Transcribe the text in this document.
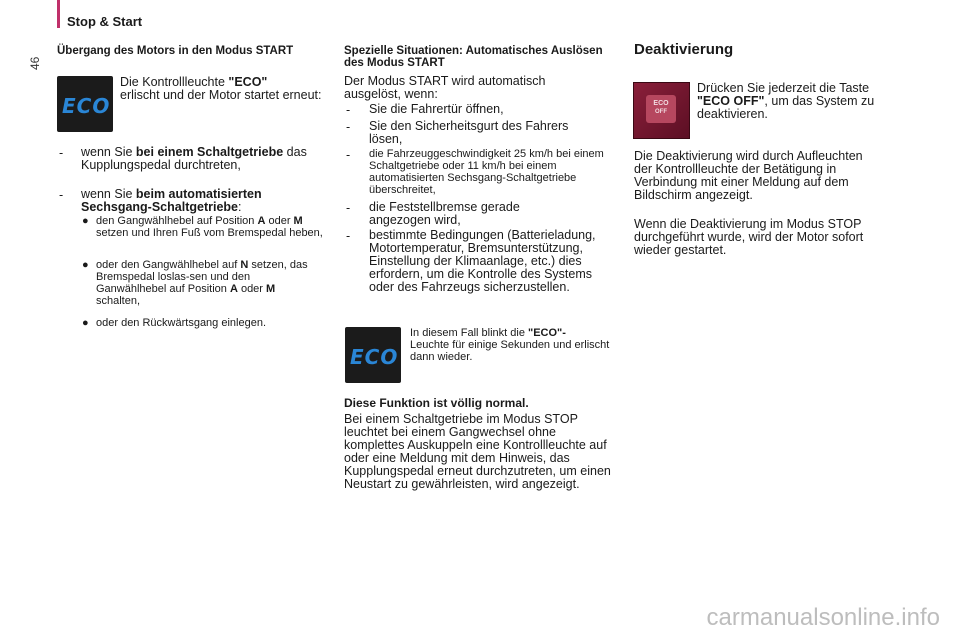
Stop & Start
46
Übergang des Motors in den Modus START
ECO
Die Kontrollleuchte "ECO"
erlischt und der Motor startet erneut:
- wenn Sie bei einem Schaltgetriebe das Kupplungspedal durchtreten,
- wenn Sie beim automatisierten Sechsgang-Schaltgetriebe:
● den Gangwählhebel auf Position A oder M setzen und Ihren Fuß vom Bremspedal heben,
● oder den Gangwählhebel auf N setzen, das Bremspedal loslas-sen und den Ganwählhebel auf Position A oder M schalten,
● oder den Rückwärtsgang einlegen.
Spezielle Situationen: Automatisches Auslösen des Modus START
Der Modus START wird automatisch ausgelöst, wenn:
- Sie die Fahrertür öffnen,
- Sie den Sicherheitsgurt des Fahrers lösen,
- die Fahrzeuggeschwindigkeit 25 km/h bei einem Schaltgetriebe oder 11 km/h bei einem automatisierten Sechsgang-Schaltgetriebe überschreitet,
- die Feststellbremse gerade angezogen wird,
- bestimmte Bedingungen (Batterieladung, Motortemperatur, Bremsunterstützung, Einstellung der Klimaanlage, etc.) dies erfordern, um die Kontrolle des Systems oder des Fahrzeugs sicherzustellen.
ECO
In diesem Fall blinkt die "ECO"-
Leuchte für einige Sekunden und erlischt dann wieder.
Diese Funktion ist völlig normal.
Bei einem Schaltgetriebe im Modus STOP leuchtet bei einem Gangwechsel ohne komplettes Auskuppeln eine Kontrollleuchte auf oder eine Meldung mit dem Hinweis, das Kupplungspedal erneut durchzutreten, um einen Neustart zu gewährleisten, wird angezeigt.
Deaktivierung
ECO
OFF
Drücken Sie jederzeit die Taste "ECO OFF", um das System zu deaktivieren.
Die Deaktivierung wird durch Aufleuchten der Kontrollleuchte der Betätigung in Verbindung mit einer Meldung auf dem Bildschirm angezeigt.
Wenn die Deaktivierung im Modus STOP durchgeführt wurde, wird der Motor sofort wieder gestartet.
carmanualsonline.info
